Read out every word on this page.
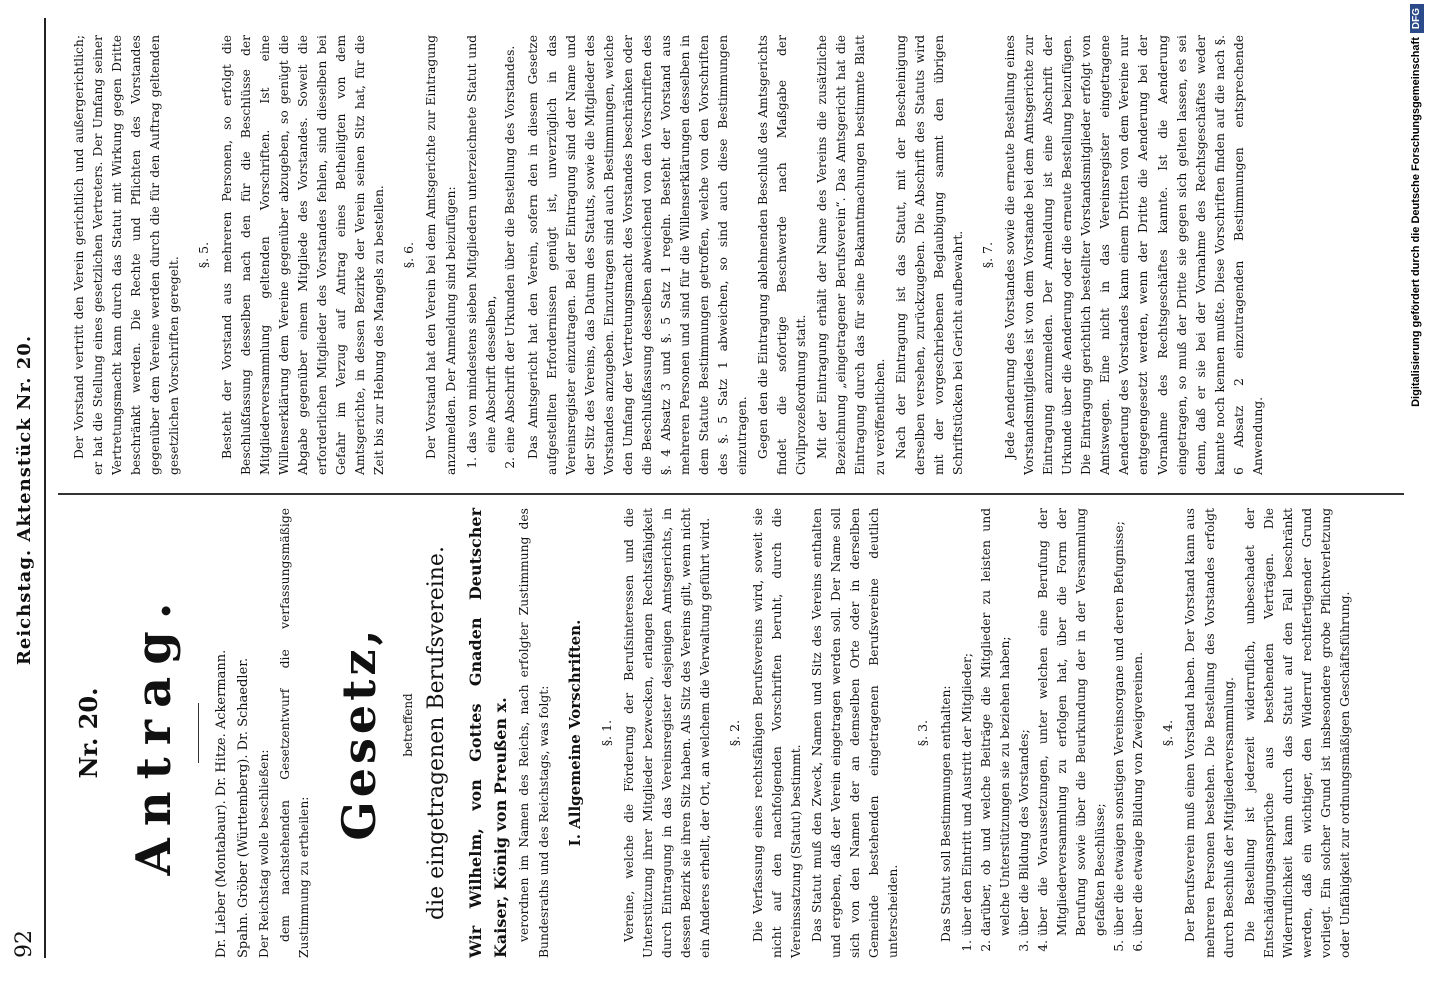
92
Reichstag. Aktenstück Nr. 20.
Nr. 20. Antrag.	Dr. Lieber (Montabaur). Dr. Hitze. Ackermann. Spahn. Gröber (Württemberg). Dr. Schaedler. Der Reichstag wolle beschließen: dem nachstehenden Gesetzentwurf die verfassungsmäßige Zustimmung zu ertheilen:

Gesetz,	betreffend die eingetragenen Berufsvereine.	Wir Wilhelm, von Gottes Gnaden Deutscher Kaiser, König von Preußen x. verordnen im Namen des Reichs, nach erfolgter Zustimmung des Bundesraths und des Reichstags, was folgt: I. Allgemeine Vorschriften. §. 1. Vereine, welche die Förderung der Berufsinteressen und die Unterstützung ihrer Mitglieder bezwecken, erlangen Rechtsfähigkeit durch Eintragung in das Vereinsregister desjenigen Amtsgerichts, in dessen Bezirk sie ihren Sitz haben. Als Sitz des Vereins gilt, wenn nicht ein Anderes erhellt, der Ort, an welchem die Verwaltung geführt wird. §. 2. Die Verfassung eines rechtsfähigen Berufsvereins wird, soweit sie nicht auf den nachfolgenden Vorschriften beruht, durch die Vereinssatzung (Statut) bestimmt. Das Statut muß den Zweck, Namen und Sitz des Vereins enthalten und ergeben, daß der Verein eingetragen werden soll. Der Name soll sich von den Namen der an demselben Orte oder in derselben Gemeinde bestehenden eingetragenen Berufsvereine deutlich unterscheiden.

§. 3. Das Statut soll Bestimmungen enthalten: 1. über den Eintritt und Austritt der Mitglieder; 2. darüber, ob und welche Beiträge die Mitglieder zu leisten und welche Unterstützungen sie zu beziehen haben; 3. über die Bildung des Vorstandes; 4. über die Voraussetzungen, unter welchen eine Berufung der Mitgliederversammlung zu erfolgen hat, über die Form der Berufung sowie über die Beurkundung der in der Versammlung gefaßten Beschlüsse; 5. über die etwaigen sonstigen Vereinsorgane und deren Befugnisse; 6. über die etwaige Bildung von Zweigvereinen. §. 4. Der Berufsverein muß einen Vorstand haben. Der Vorstand kann aus mehreren Personen bestehen. Die Bestellung des Vorstandes erfolgt durch Beschluß der Mitgliederversammlung. Die Bestellung ist jederzeit widerruflich, unbeschadet der Entschädigungsansprüche aus bestehenden Verträgen. Die Widerruflichkeit kann durch das Statut auf den Fall beschränkt werden, daß ein wichtiger, den Widerruf rechtfertigender Grund vorliegt. Ein solcher Grund ist insbesondere grobe Pflichtverletzung oder Unfähigkeit zur ordnungsmäßigen Geschäftsführung.

Der Vorstand vertritt den Verein gerichtlich und außergerichtlich; er hat die Stellung eines gesetzlichen Vertreters. Der Umfang seiner Vertretungsmacht kann durch das Statut mit Wirkung gegen Dritte beschränkt werden. Die Rechte und Pflichten des Vorstandes gegenüber dem Vereine werden durch die für den Auftrag geltenden gesetzlichen Vorschriften geregelt.

§. 5. Besteht der Vorstand aus mehreren Personen, so erfolgt die Beschlußfassung desselben nach den für die Beschlüsse der Mitgliederversammlung geltenden Vorschriften. Ist eine Willenserklärung dem Vereine gegenüber abzugeben, so genügt die Abgabe gegenüber einem Mitgliede des Vorstandes. Soweit die erforderlichen Mitglieder des Vorstandes fehlen, sind dieselben bei Gefahr im Verzug auf Antrag eines Betheiligten von dem Amtsgerichte, in dessen Bezirke der Verein seinen Sitz hat, für die Zeit bis zur Hebung des Mangels zu bestellen. §. 6. Der Vorstand hat den Verein bei dem Amtsgerichte zur Eintragung anzumelden. Der Anmeldung sind beizufügen: 1. das von mindestens sieben Mitgliedern unterzeichnete Statut und eine Abschrift desselben, 2. eine Abschrift der Urkunden über die Bestellung des Vorstandes. Das Amtsgericht hat den Verein, sofern den in diesem Gesetze aufgestellten Erfordernissen genügt ist, unverzüglich in das Vereinsregister einzutragen. Bei der Eintragung sind der Name und der Sitz des Vereins, das Datum des Statuts, sowie die Mitglieder des Vorstandes anzugeben. Einzutragen sind auch Bestimmungen, welche den Umfang der Vertretungsmacht des Vorstandes beschränken oder die Beschlußfassung desselben abweichend von den Vorschriften des §. 4 Absatz 3 und §. 5 Satz 1 regeln. Besteht der Vorstand aus mehreren Personen und sind für die Willenserklärungen desselben in dem Statute Bestimmungen getroffen, welche von den Vorschriften des §. 5 Satz 1 abweichen, so sind auch diese Bestimmungen einzutragen. Gegen den die Eintragung ablehnenden Beschluß des Amtsgerichts findet die sofortige Beschwerde nach Maßgabe der Civilprozeßordnung statt. Mit der Eintragung erhält der Name des Vereins die zusätzliche Bezeichnung „eingetragener Berufsverein“. Das Amtsgericht hat die Eintragung durch das für seine Bekanntmachungen bestimmte Blatt zu veröffentlichen. Nach der Eintragung ist das Statut, mit der Bescheinigung derselben versehen, zurückzugeben. Die Abschrift des Statuts wird mit der vorgeschriebenen Beglaubigung sammt den übrigen Schriftstücken bei Gericht aufbewahrt. §. 7. Jede Aenderung des Vorstandes sowie die erneute Bestellung eines Vorstandsmitgliedes ist von dem Vorstande bei dem Amtsgerichte zur Eintragung anzumelden. Der Anmeldung ist eine Abschrift der Urkunde über die Aenderung oder die erneute Bestellung beizufügen. Die Eintragung gerichtlich bestellter Vorstandsmitglieder erfolgt von Amtswegen. Eine nicht in das Vereinsregister eingetragene Aenderung des Vorstandes kann einem Dritten von dem Vereine nur entgegengesetzt werden, wenn der Dritte die Aenderung bei der Vornahme des Rechtsgeschäftes kannte. Ist die Aenderung eingetragen, so muß der Dritte sie gegen sich gelten lassen, es sei denn, daß er sie bei der Vornahme des Rechtsgeschäftes weder kannte noch kennen mußte. Diese Vorschriften finden auf die nach §. 6 Absatz 2 einzutragenden Bestimmungen entsprechende Anwendung.

Digitalisierung gefördert durch die Deutsche ForschungsgemeinschaftDFG
